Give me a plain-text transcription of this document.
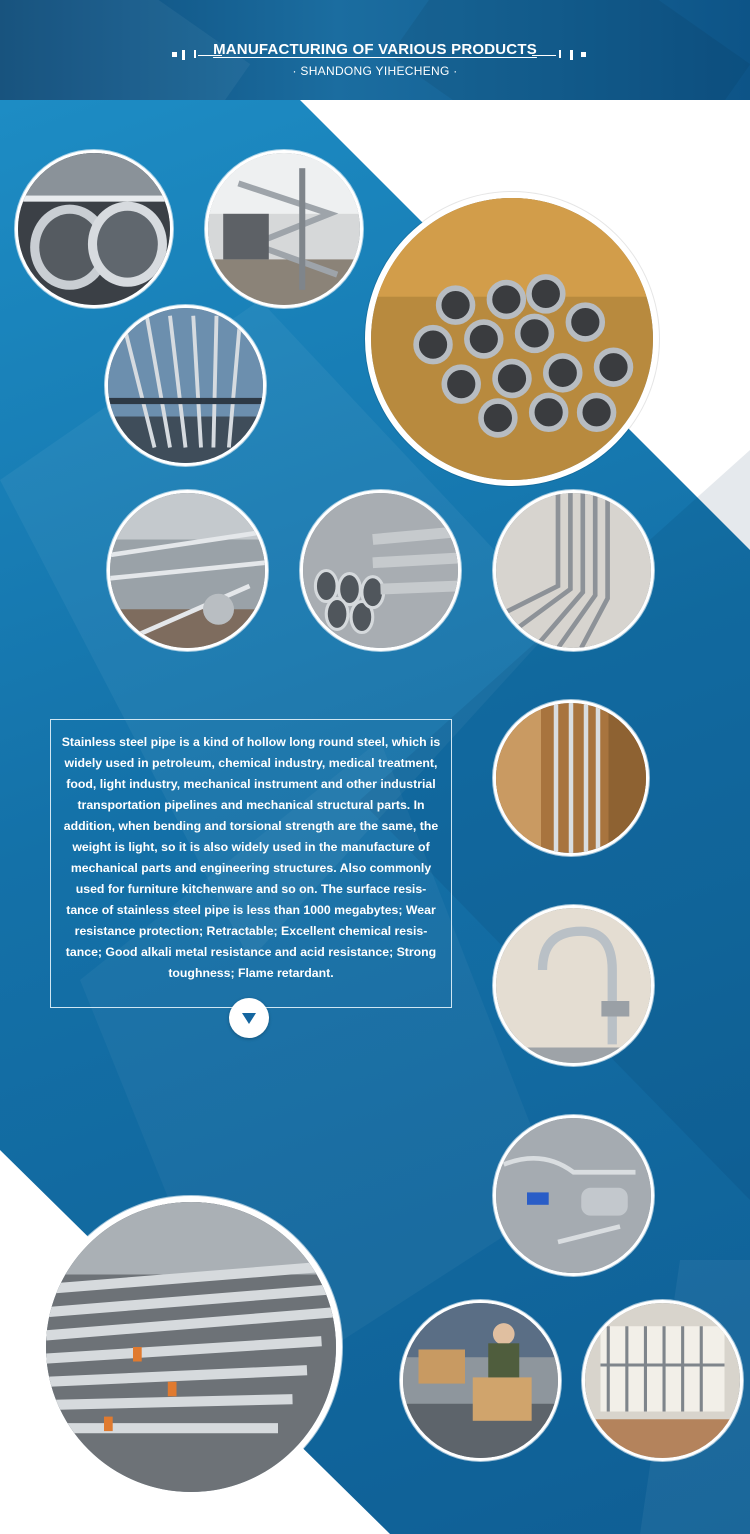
MANUFACTURING OF VARIOUS PRODUCTS
· SHANDONG YIHECHENG ·

Stainless steel pipe is a kind of hollow long round steel, which is widely used in petroleum, chemical industry, medical treatment, food, light industry, mechanical instrument and other industrial transportation pipelines and mechanical structural parts. In addition, when bending and torsional strength are the same, the weight is light, so it is also widely used in the manufacture of mechanical parts and engineering structures. Also commonly used for furniture kitchenware and so on. The surface resis- tance of stainless steel pipe is less than 1000 megabytes; Wear resistance protection; Retractable; Excellent chemical resis- tance; Good alkali metal resistance and acid resistance; Strong toughness; Flame retardant.
